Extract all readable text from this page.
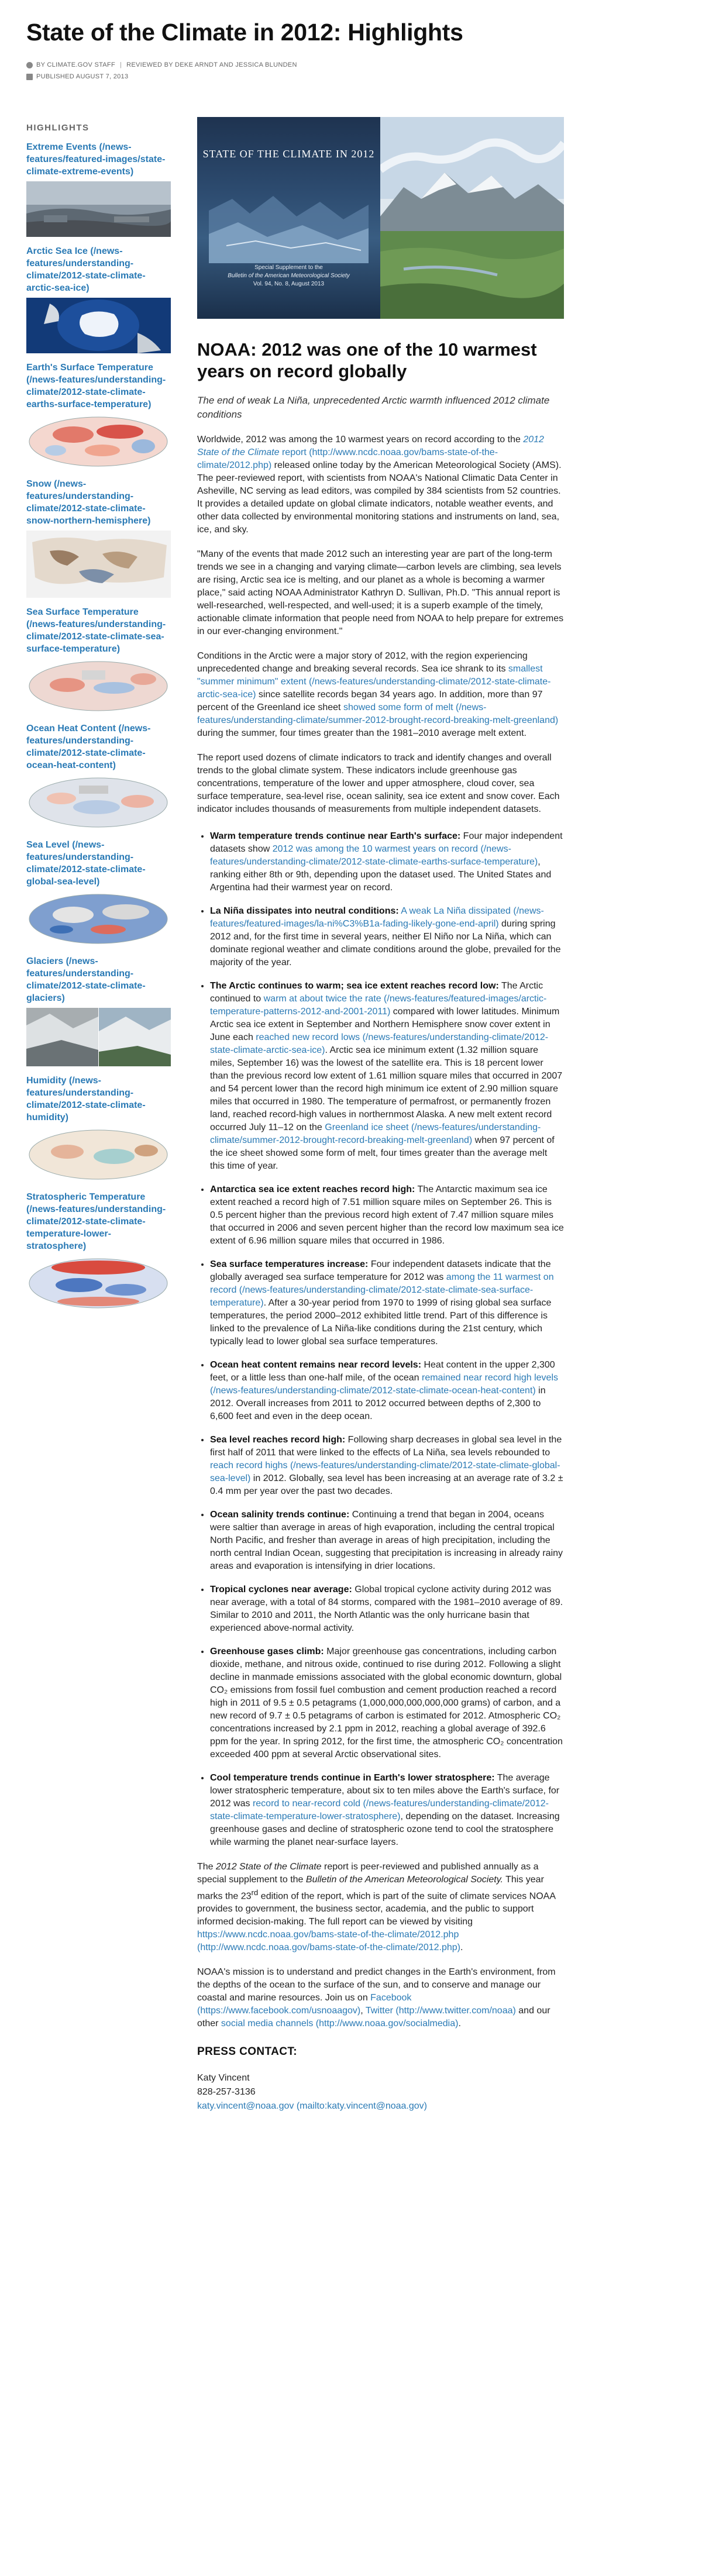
State of the Climate in 2012: Highlights
BY CLIMATE.GOV STAFF | REVIEWED BY DEKE ARNDT AND JESSICA BLUNDEN
PUBLISHED AUGUST 7, 2013
HIGHLIGHTS
Extreme Events (/news-features/featured-images/state-climate-extreme-events)
Arctic Sea Ice (/news-features/understanding-climate/2012-state-climate-arctic-sea-ice)
Earth's Surface Temperature (/news-features/understanding-climate/2012-state-climate-earths-surface-temperature)
Snow (/news-features/understanding-climate/2012-state-climate-snow-northern-hemisphere)
Sea Surface Temperature (/news-features/understanding-climate/2012-state-climate-sea-surface-temperature)
Ocean Heat Content (/news-features/understanding-climate/2012-state-climate-ocean-heat-content)
Sea Level (/news-features/understanding-climate/2012-state-climate-global-sea-level)
Glaciers (/news-features/understanding-climate/2012-state-climate-glaciers)
Humidity (/news-features/understanding-climate/2012-state-climate-humidity)
Stratospheric Temperature (/news-features/understanding-climate/2012-state-climate-temperature-lower-stratosphere)
STATE OF THE CLIMATE IN 2012
Special Supplement to the
Bulletin of the American Meteorological Society
Vol. 94, No. 8, August 2013
NOAA: 2012 was one of the 10 warmest years on record globally

The end of weak La Niña, unprecedented Arctic warmth influenced 2012 climate conditions

Worldwide, 2012 was among the 10 warmest years on record according to the 2012 State of the Climate report (http://www.ncdc.noaa.gov/bams-state-of-the-climate/2012.php) released online today by the American Meteorological Society (AMS). The peer-reviewed report, with scientists from NOAA's National Climatic Data Center in Asheville, NC serving as lead editors, was compiled by 384 scientists from 52 countries. It provides a detailed update on global climate indicators, notable weather events, and other data collected by environmental monitoring stations and instruments on land, sea, ice, and sky.

"Many of the events that made 2012 such an interesting year are part of the long-term trends we see in a changing and varying climate—carbon levels are climbing, sea levels are rising, Arctic sea ice is melting, and our planet as a whole is becoming a warmer place," said acting NOAA Administrator Kathryn D. Sullivan, Ph.D. "This annual report is well-researched, well-respected, and well-used; it is a superb example of the timely, actionable climate information that people need from NOAA to help prepare for extremes in our ever-changing environment."

Conditions in the Arctic were a major story of 2012, with the region experiencing unprecedented change and breaking several records. Sea ice shrank to its smallest "summer minimum" extent (/news-features/understanding-climate/2012-state-climate-arctic-sea-ice) since satellite records began 34 years ago. In addition, more than 97 percent of the Greenland ice sheet showed some form of melt (/news-features/understanding-climate/summer-2012-brought-record-breaking-melt-greenland) during the summer, four times greater than the 1981–2010 average melt extent.

The report used dozens of climate indicators to track and identify changes and overall trends to the global climate system. These indicators include greenhouse gas concentrations, temperature of the lower and upper atmosphere, cloud cover, sea surface temperature, sea-level rise, ocean salinity, sea ice extent and snow cover. Each indicator includes thousands of measurements from multiple independent datasets.

• Warm temperature trends continue near Earth's surface: Four major independent datasets show 2012 was among the 10 warmest years on record (/news-features/understanding-climate/2012-state-climate-earths-surface-temperature), ranking either 8th or 9th, depending upon the dataset used. The United States and Argentina had their warmest year on record.
• La Niña dissipates into neutral conditions: A weak La Niña dissipated (/news-features/featured-images/la-ni%C3%B1a-fading-likely-gone-end-april) during spring 2012 and, for the first time in several years, neither El Niño nor La Niña, which can dominate regional weather and climate conditions around the globe, prevailed for the majority of the year.
• The Arctic continues to warm; sea ice extent reaches record low: The Arctic continued to warm at about twice the rate (/news-features/featured-images/arctic-temperature-patterns-2012-and-2001-2011) compared with lower latitudes. Minimum Arctic sea ice extent in September and Northern Hemisphere snow cover extent in June each reached new record lows (/news-features/understanding-climate/2012-state-climate-arctic-sea-ice). Arctic sea ice minimum extent (1.32 million square miles, September 16) was the lowest of the satellite era. This is 18 percent lower than the previous record low extent of 1.61 million square miles that occurred in 2007 and 54 percent lower than the record high minimum ice extent of 2.90 million square miles that occurred in 1980. The temperature of permafrost, or permanently frozen land, reached record-high values in northernmost Alaska. A new melt extent record occurred July 11–12 on the Greenland ice sheet (/news-features/understanding-climate/summer-2012-brought-record-breaking-melt-greenland) when 97 percent of the ice sheet showed some form of melt, four times greater than the average melt this time of year.
• Antarctica sea ice extent reaches record high: The Antarctic maximum sea ice extent reached a record high of 7.51 million square miles on September 26. This is 0.5 percent higher than the previous record high extent of 7.47 million square miles that occurred in 2006 and seven percent higher than the record low maximum sea ice extent of 6.96 million square miles that occurred in 1986.
• Sea surface temperatures increase: Four independent datasets indicate that the globally averaged sea surface temperature for 2012 was among the 11 warmest on record (/news-features/understanding-climate/2012-state-climate-sea-surface-temperature). After a 30-year period from 1970 to 1999 of rising global sea surface temperatures, the period 2000–2012 exhibited little trend. Part of this difference is linked to the prevalence of La Niña-like conditions during the 21st century, which typically lead to lower global sea surface temperatures.
• Ocean heat content remains near record levels: Heat content in the upper 2,300 feet, or a little less than one-half mile, of the ocean remained near record high levels (/news-features/understanding-climate/2012-state-climate-ocean-heat-content) in 2012. Overall increases from 2011 to 2012 occurred between depths of 2,300 to 6,600 feet and even in the deep ocean.
• Sea level reaches record high: Following sharp decreases in global sea level in the first half of 2011 that were linked to the effects of La Niña, sea levels rebounded to reach record highs (/news-features/understanding-climate/2012-state-climate-global-sea-level) in 2012. Globally, sea level has been increasing at an average rate of 3.2 ± 0.4 mm per year over the past two decades.
• Ocean salinity trends continue: Continuing a trend that began in 2004, oceans were saltier than average in areas of high evaporation, including the central tropical North Pacific, and fresher than average in areas of high precipitation, including the north central Indian Ocean, suggesting that precipitation is increasing in already rainy areas and evaporation is intensifying in drier locations.
• Tropical cyclones near average: Global tropical cyclone activity during 2012 was near average, with a total of 84 storms, compared with the 1981–2010 average of 89. Similar to 2010 and 2011, the North Atlantic was the only hurricane basin that experienced above-normal activity.
• Greenhouse gases climb: Major greenhouse gas concentrations, including carbon dioxide, methane, and nitrous oxide, continued to rise during 2012. Following a slight decline in manmade emissions associated with the global economic downturn, global CO₂ emissions from fossil fuel combustion and cement production reached a record high in 2011 of 9.5 ± 0.5 petagrams (1,000,000,000,000,000 grams) of carbon, and a new record of 9.7 ± 0.5 petagrams of carbon is estimated for 2012. Atmospheric CO₂ concentrations increased by 2.1 ppm in 2012, reaching a global average of 392.6 ppm for the year. In spring 2012, for the first time, the atmospheric CO₂ concentration exceeded 400 ppm at several Arctic observational sites.
• Cool temperature trends continue in Earth's lower stratosphere: The average lower stratospheric temperature, about six to ten miles above the Earth's surface, for 2012 was record to near-record cold (/news-features/understanding-climate/2012-state-climate-temperature-lower-stratosphere), depending on the dataset. Increasing greenhouse gases and decline of stratospheric ozone tend to cool the stratosphere while warming the planet near-surface layers.

The 2012 State of the Climate report is peer-reviewed and published annually as a special supplement to the Bulletin of the American Meteorological Society. This year marks the 23rd edition of the report, which is part of the suite of climate services NOAA provides to government, the business sector, academia, and the public to support informed decision-making. The full report can be viewed by visiting https://www.ncdc.noaa.gov/bams-state-of-the-climate/2012.php (http://www.ncdc.noaa.gov/bams-state-of-the-climate/2012.php).

NOAA's mission is to understand and predict changes in the Earth's environment, from the depths of the ocean to the surface of the sun, and to conserve and manage our coastal and marine resources. Join us on Facebook (https://www.facebook.com/usnoaagov), Twitter (http://www.twitter.com/noaa) and our other social media channels (http://www.noaa.gov/socialmedia).

PRESS CONTACT:
Katy Vincent
828-257-3136
katy.vincent@noaa.gov (mailto:katy.vincent@noaa.gov)
